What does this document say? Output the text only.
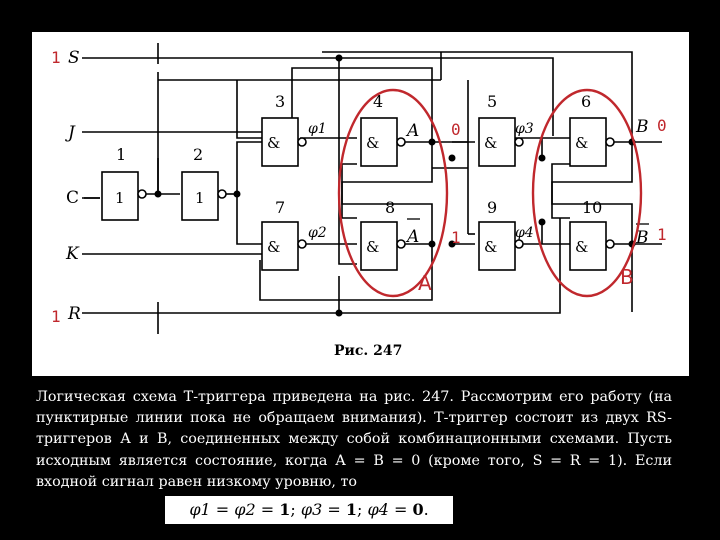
1
1
1
2
&
3
&
4
&
5
&
6
&
7
&
8
&
9
&
10
S
J
C
K
R
1
1
φ1
φ2
φ3
φ4
A
A
B
B
0
1
0
1
A	B
Рис. 247

Логическая схема Т-триггера приведена на рис. 247. Рассмотрим его работу (на пунктирные линии пока не обращаем внимания). Т-триггер состоит из двух RS-триггеров А и В, соединенных между собой комбинационными схемами. Пусть исходным является состояние, когда А = В = 0 (кроме того, S = R = 1). Если входной сигнал равен низкому уровню, то

φ1 = φ2 = 1; φ3 = 1; φ4 = 0.
